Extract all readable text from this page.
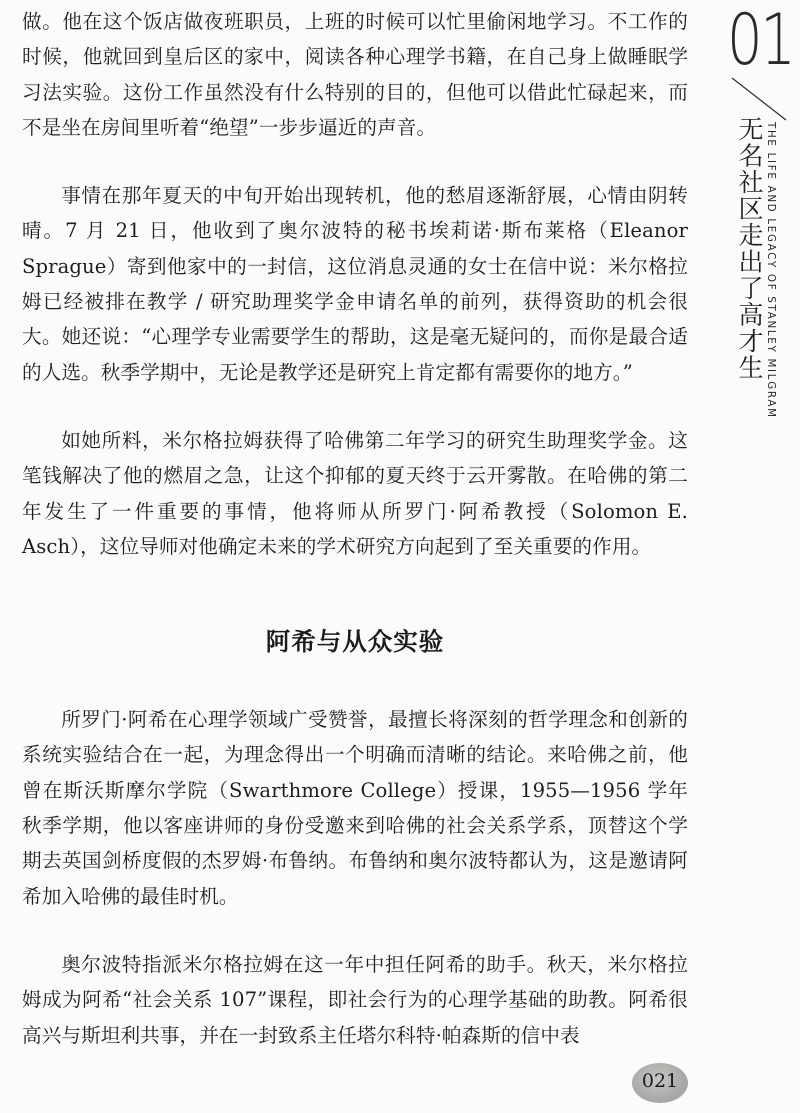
做。他在这个饭店做夜班职员，上班的时候可以忙里偷闲地学习。不工作的时候，他就回到皇后区的家中，阅读各种心理学书籍，在自己身上做睡眠学习法实验。这份工作虽然没有什么特别的目的，但他可以借此忙碌起来，而不是坐在房间里听着“绝望”一步步逼近的声音。

事情在那年夏天的中旬开始出现转机，他的愁眉逐渐舒展，心情由阴转晴。7 月 21 日，他收到了奥尔波特的秘书埃莉诺·斯布莱格（Eleanor Sprague）寄到他家中的一封信，这位消息灵通的女士在信中说：米尔格拉姆已经被排在教学 / 研究助理奖学金申请名单的前列，获得资助的机会很大。她还说：“心理学专业需要学生的帮助，这是毫无疑问的，而你是最合适的人选。秋季学期中，无论是教学还是研究上肯定都有需要你的地方。”

如她所料，米尔格拉姆获得了哈佛第二年学习的研究生助理奖学金。这笔钱解决了他的燃眉之急，让这个抑郁的夏天终于云开雾散。在哈佛的第二年发生了一件重要的事情，他将师从所罗门·阿希教授（Solomon E. Asch），这位导师对他确定未来的学术研究方向起到了至关重要的作用。

阿希与从众实验

所罗门·阿希在心理学领域广受赞誉，最擅长将深刻的哲学理念和创新的系统实验结合在一起，为理念得出一个明确而清晰的结论。来哈佛之前，他曾在斯沃斯摩尔学院（Swarthmore College）授课，1955—1956 学年秋季学期，他以客座讲师的身份受邀来到哈佛的社会关系学系，顶替这个学期去英国剑桥度假的杰罗姆·布鲁纳。布鲁纳和奥尔波特都认为，这是邀请阿希加入哈佛的最佳时机。

奥尔波特指派米尔格拉姆在这一年中担任阿希的助手。秋天，米尔格拉姆成为阿希“社会关系 107”课程，即社会行为的心理学基础的助教。阿希很高兴与斯坦利共事，并在一封致系主任塔尔科特·帕森斯的信中表

01
无名社区走出了高才生 THE LIFE AND LEGACY OF STANLEY MILGRAM
021
